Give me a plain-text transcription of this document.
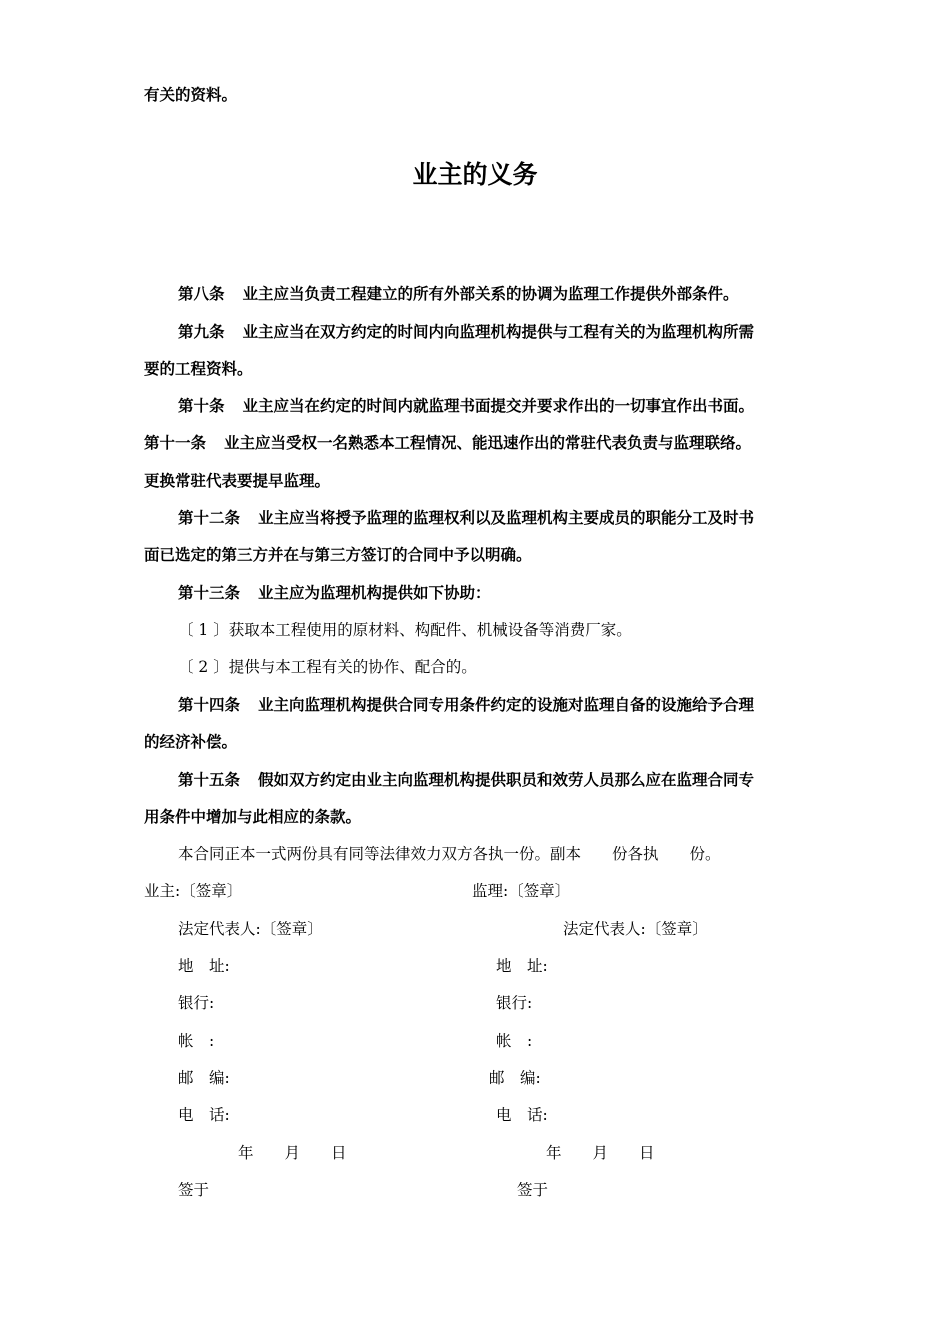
有关的资料。
业主的义务
第八条 业主应当负责工程建立的所有外部关系的协调为监理工作提供外部条件。
第九条 业主应当在双方约定的时间内向监理机构提供与工程有关的为监理机构所需
要的工程资料。
第十条 业主应当在约定的时间内就监理书面提交并要求作出的一切事宜作出书面。
第十一条 业主应当受权一名熟悉本工程情况、能迅速作出的常驻代表负责与监理联络。
更换常驻代表要提早监理。
第十二条 业主应当将授予监理的监理权利以及监理机构主要成员的职能分工及时书
面已选定的第三方并在与第三方签订的合同中予以明确。
第十三条 业主应为监理机构提供如下协助：
〔 1 〕获取本工程使用的原材料、构配件、机械设备等消费厂家。
〔 2 〕提供与本工程有关的协作、配合的。
第十四条 业主向监理机构提供合同专用条件约定的设施对监理自备的设施给予合理
的经济补偿。
第十五条 假如双方约定由业主向监理机构提供职员和效劳人员那么应在监理合同专
用条件中增加与此相应的条款。
本合同正本一式两份具有同等法律效力双方各执一份。副本　　份各执　　份。
业主:〔签章〕
法定代表人:〔签章〕
地　址:
银行:
帐　:
邮　编:
电　话:
年　　月　　日
签于
监理:〔签章〕
法定代表人:〔签章〕
地　址:
银行:
帐　:
邮　编:
电　话:
年　　月　　日
签于
